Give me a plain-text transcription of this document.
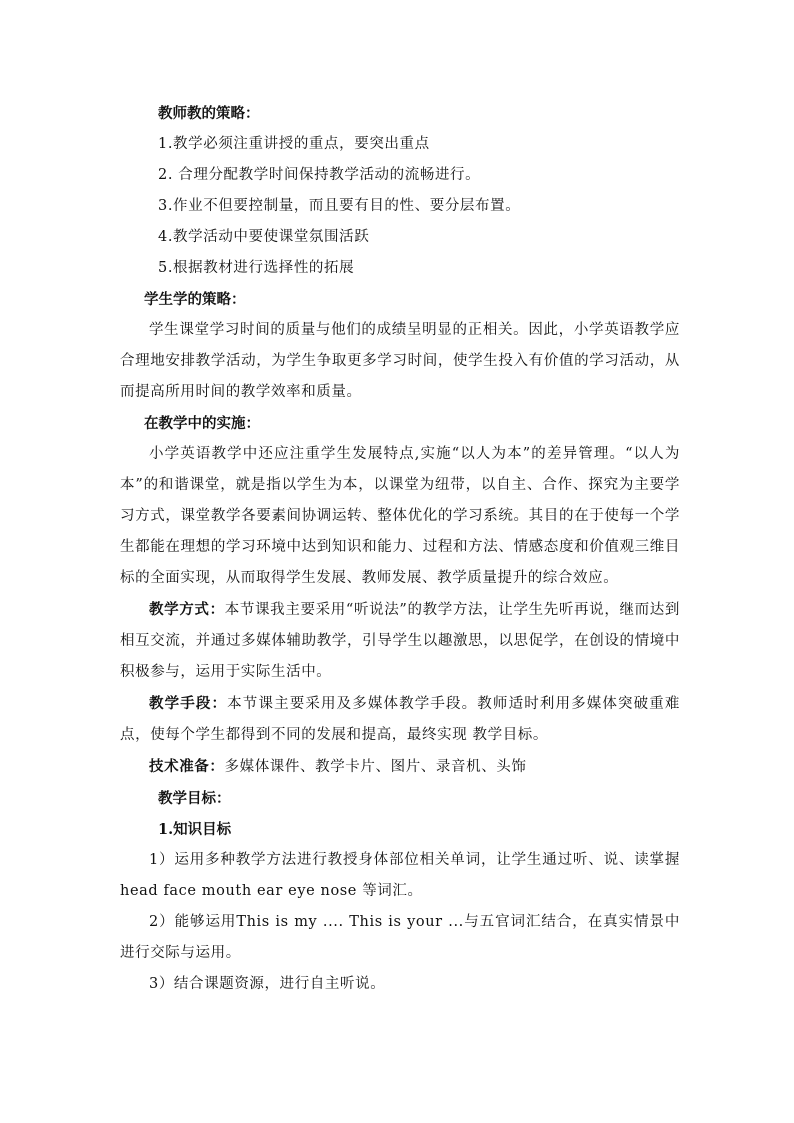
教师教的策略：

1.教学必须注重讲授的重点，要突出重点

2. 合理分配教学时间保持教学活动的流畅进行。

3.作业不但要控制量，而且要有目的性、要分层布置。

4.教学活动中要使课堂氛围活跃

5.根据教材进行选择性的拓展

学生学的策略：

学生课堂学习时间的质量与他们的成绩呈明显的正相关。因此，小学英语教学应合理地安排教学活动，为学生争取更多学习时间，使学生投入有价值的学习活动，从而提高所用时间的教学效率和质量。

在教学中的实施：

小学英语教学中还应注重学生发展特点,实施“以人为本”的差异管理。“以人为本”的和谐课堂，就是指以学生为本，以课堂为纽带，以自主、合作、探究为主要学习方式，课堂教学各要素间协调运转、整体优化的学习系统。其目的在于使每一个学生都能在理想的学习环境中达到知识和能力、过程和方法、情感态度和价值观三维目标的全面实现，从而取得学生发展、教师发展、教学质量提升的综合效应。

教学方式：本节课我主要采用“听说法”的教学方法，让学生先听再说，继而达到相互交流，并通过多媒体辅助教学，引导学生以趣激思，以思促学，在创设的情境中积极参与，运用于实际生活中。

教学手段：本节课主要采用及多媒体教学手段。教师适时利用多媒体突破重难点，使每个学生都得到不同的发展和提高，最终实现 教学目标。

技术准备：多媒体课件、教学卡片、图片、录音机、头饰

教学目标：

1.知识目标

1）运用多种教学方法进行教授身体部位相关单词，让学生通过听、说、读掌握head face mouth ear eye nose 等词汇。

2）能够运用This is my .... This is your ...与五官词汇结合，在真实情景中进行交际与运用。

3）结合课题资源，进行自主听说。
